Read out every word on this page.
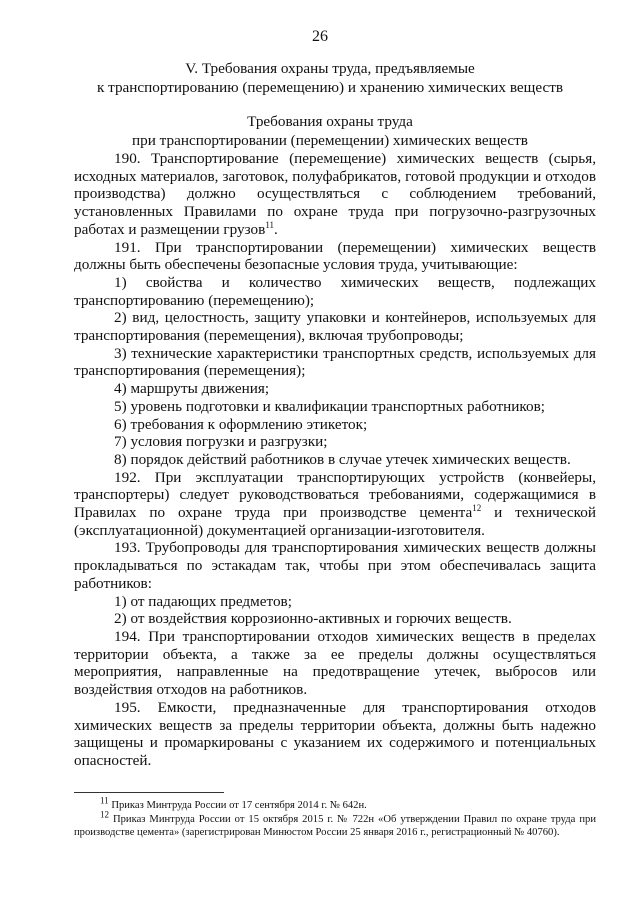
26
V. Требования охраны труда, предъявляемые
к транспортированию (перемещению) и хранению химических веществ
Требования охраны труда
при транспортировании (перемещении) химических веществ

190. Транспортирование (перемещение) химических веществ (сырья, исходных материалов, заготовок, полуфабрикатов, готовой продукции и отходов производства) должно осуществляться с соблюдением требований, установленных Правилами по охране труда при погрузочно-разгрузочных работах и размещении грузов$^{11}$.

191. При транспортировании (перемещении) химических веществ должны быть обеспечены безопасные условия труда, учитывающие:

1) свойства и количество химических веществ, подлежащих транспортированию (перемещению);

2) вид, целостность, защиту упаковки и контейнеров, используемых для транспортирования (перемещения), включая трубопроводы;

3) технические характеристики транспортных средств, используемых для транспортирования (перемещения);

4) маршруты движения;

5) уровень подготовки и квалификации транспортных работников;

6) требования к оформлению этикеток;

7) условия погрузки и разгрузки;

8) порядок действий работников в случае утечек химических веществ.

192. При эксплуатации транспортирующих устройств (конвейеры, транспортеры) следует руководствоваться требованиями, содержащимися в Правилах по охране труда при производстве цемента$^{12}$ и технической (эксплуатационной) документацией организации-изготовителя.

193. Трубопроводы для транспортирования химических веществ должны прокладываться по эстакадам так, чтобы при этом обеспечивалась защита работников:

1) от падающих предметов;

2) от воздействия коррозионно-активных и горючих веществ.

194. При транспортировании отходов химических веществ в пределах территории объекта, а также за ее пределы должны осуществляться мероприятия, направленные на предотвращение утечек, выбросов или воздействия отходов на работников.

195. Емкости, предназначенные для транспортирования отходов химических веществ за пределы территории объекта, должны быть надежно защищены и промаркированы с указанием их содержимого и потенциальных опасностей.

$^{11}$ Приказ Минтруда России от 17 сентября 2014 г. № 642н.

$^{12}$ Приказ Минтруда России от 15 октября 2015 г. № 722н «Об утверждении Правил по охране труда при производстве цемента» (зарегистрирован Минюстом России 25 января 2016 г., регистрационный № 40760).
